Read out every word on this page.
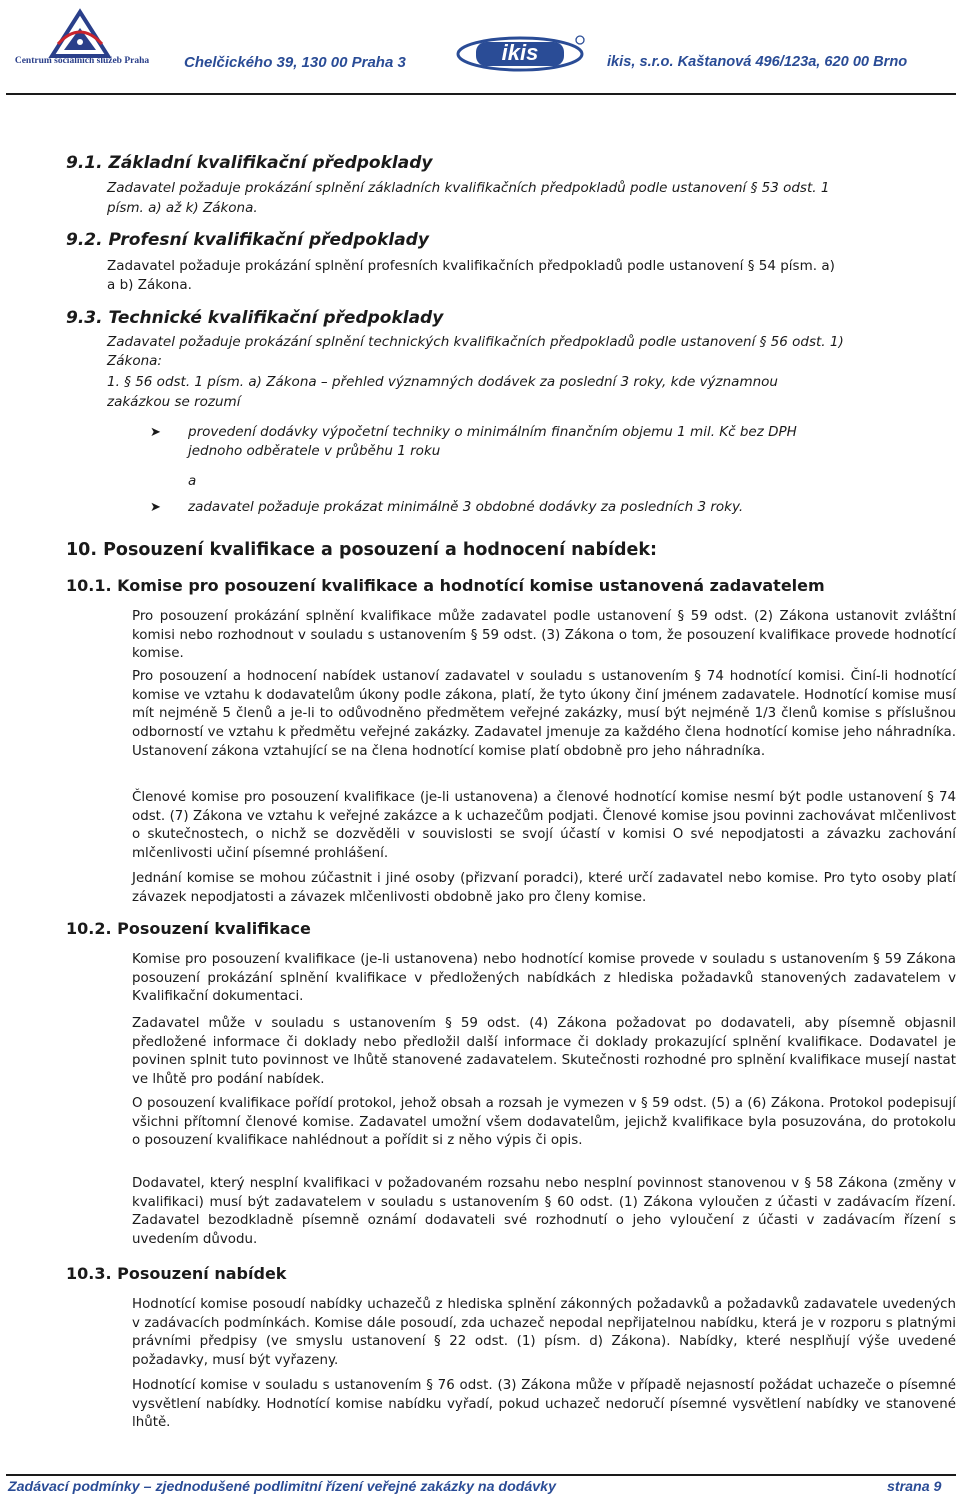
Centrum sociálních služeb Praha	Chelčického 39, 130 00 Praha 3	ikis	ikis, s.r.o. Kaštanová 496/123a, 620 00 Brno
9.1. Základní kvalifikační předpoklady
Zadavatel požaduje prokázání splnění základních kvalifikačních předpokladů podle ustanovení § 53 odst. 1
písm. a) až k) Zákona.
9.2. Profesní kvalifikační předpoklady
Zadavatel požaduje prokázání splnění profesních kvalifikačních předpokladů podle ustanovení § 54 písm. a)
a b) Zákona.
9.3. Technické kvalifikační předpoklady
Zadavatel požaduje prokázání splnění technických kvalifikačních předpokladů podle ustanovení § 56 odst. 1)
Zákona:
1. § 56 odst. 1 písm. a) Zákona – přehled významných dodávek za poslední 3 roky, kde významnou
zakázkou se rozumí
➤ provedení dodávky výpočetní techniky o minimálním finančním objemu 1 mil. Kč bez DPH
jednoho odběratele v průběhu 1 roku
a
➤ zadavatel požaduje prokázat minimálně 3 obdobné dodávky za posledních 3 roky.
10. Posouzení kvalifikace a posouzení a hodnocení nabídek:
10.1. Komise pro posouzení kvalifikace a hodnotící komise ustanovená zadavatelem
Pro posouzení prokázání splnění kvalifikace může zadavatel podle ustanovení § 59 odst. (2) Zákona ustanovit zvláštní komisi nebo rozhodnout v souladu s ustanovením § 59 odst. (3) Zákona o tom, že posouzení kvalifikace provede hodnotící komise.
Pro posouzení a hodnocení nabídek ustanoví zadavatel v souladu s ustanovením § 74 hodnotící komisi. Činí-li hodnotící komise ve vztahu k dodavatelům úkony podle zákona, platí, že tyto úkony činí jménem zadavatele. Hodnotící komise musí mít nejméně 5 členů a je-li to odůvodněno předmětem veřejné zakázky, musí být nejméně 1/3 členů komise s příslušnou odborností ve vztahu k předmětu veřejné zakázky. Zadavatel jmenuje za každého člena hodnotící komise jeho náhradníka. Ustanovení zákona vztahující se na člena hodnotící komise platí obdobně pro jeho náhradníka.
Členové komise pro posouzení kvalifikace (je-li ustanovena) a členové hodnotící komise nesmí být podle ustanovení § 74 odst. (7) Zákona ve vztahu k veřejné zakázce a k uchazečům podjati. Členové komise jsou povinni zachovávat mlčenlivost o skutečnostech, o nichž se dozvěděli v souvislosti se svojí účastí v komisi O své nepodjatosti a závazku zachování mlčenlivosti učiní písemné prohlášení.
Jednání komise se mohou zúčastnit i jiné osoby (přizvaní poradci), které určí zadavatel nebo komise. Pro tyto osoby platí závazek nepodjatosti a závazek mlčenlivosti obdobně jako pro členy komise.
10.2. Posouzení kvalifikace
Komise pro posouzení kvalifikace (je-li ustanovena) nebo hodnotící komise provede v souladu s ustanovením § 59 Zákona posouzení prokázání splnění kvalifikace v předložených nabídkách z hlediska požadavků stanovených zadavatelem v Kvalifikační dokumentaci.
Zadavatel může v souladu s ustanovením § 59 odst. (4) Zákona požadovat po dodavateli, aby písemně objasnil předložené informace či doklady nebo předložil další informace či doklady prokazující splnění kvalifikace. Dodavatel je povinen splnit tuto povinnost ve lhůtě stanovené zadavatelem. Skutečnosti rozhodné pro splnění kvalifikace musejí nastat ve lhůtě pro podání nabídek.
O posouzení kvalifikace pořídí protokol, jehož obsah a rozsah je vymezen v § 59 odst. (5) a (6) Zákona. Protokol podepisují všichni přítomní členové komise. Zadavatel umožní všem dodavatelům, jejichž kvalifikace byla posuzována, do protokolu o posouzení kvalifikace nahlédnout a pořídit si z něho výpis či opis.
Dodavatel, který nesplní kvalifikaci v požadovaném rozsahu nebo nesplní povinnost stanovenou v § 58 Zákona (změny v kvalifikaci) musí být zadavatelem v souladu s ustanovením § 60 odst. (1) Zákona vyloučen z účasti v zadávacím řízení. Zadavatel bezodkladně písemně oznámí dodavateli své rozhodnutí o jeho vyloučení z účasti v zadávacím řízení s uvedením důvodu.
10.3. Posouzení nabídek
Hodnotící komise posoudí nabídky uchazečů z hlediska splnění zákonných požadavků a požadavků zadavatele uvedených v zadávacích podmínkách. Komise dále posoudí, zda uchazeč nepodal nepřijatelnou nabídku, která je v rozporu s platnými právními předpisy (ve smyslu ustanovení § 22 odst. (1) písm. d) Zákona). Nabídky, které nesplňují výše uvedené požadavky, musí být vyřazeny.
Hodnotící komise v souladu s ustanovením § 76 odst. (3) Zákona může v případě nejasností požádat uchazeče o písemné vysvětlení nabídky. Hodnotící komise nabídku vyřadí, pokud uchazeč nedoručí písemné vysvětlení nabídky ve stanovené lhůtě.
Zadávací podmínky – zjednodušené podlimitní řízení veřejné zakázky na dodávky	strana 9
